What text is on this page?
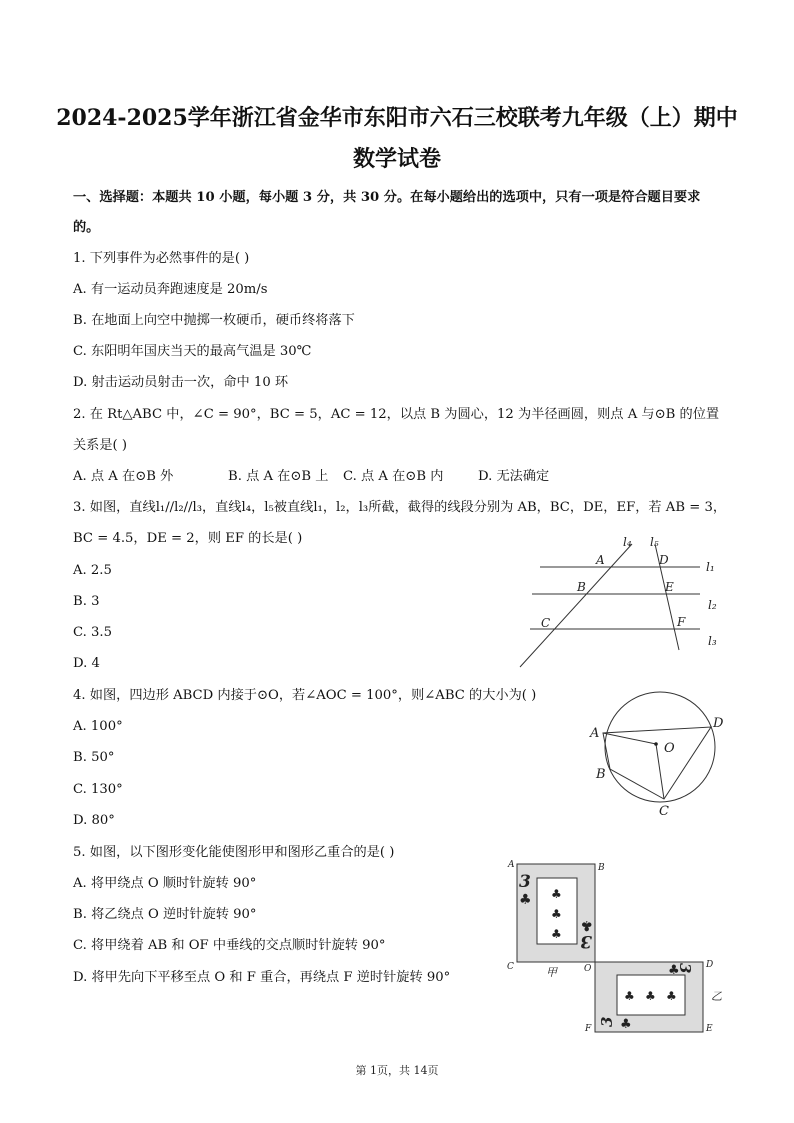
2024-2025学年浙江省金华市东阳市六石三校联考九年级（上）期中
数学试卷
一、选择题：本题共 10 小题，每小题 3 分，共 30 分。在每小题给出的选项中，只有一项是符合题目要求
的。
1. 下列事件为必然事件的是( )
A. 有一运动员奔跑速度是 20m/s
B. 在地面上向空中抛掷一枚硬币，硬币终将落下
C. 东阳明年国庆当天的最高气温是 30℃
D. 射击运动员射击一次，命中 10 环
2. 在 Rt△ABC 中，∠C = 90°，BC = 5，AC = 12，以点 B 为圆心，12 为半径画圆，则点 A 与⊙B 的位置
关系是( )
A. 点 A 在⊙B 外	B. 点 A 在⊙B 上 C. 点 A 在⊙B 内	D. 无法确定
3. 如图，直线l₁//l₂//l₃，直线l₄，l₅被直线l₁，l₂，l₃所截，截得的线段分别为 AB，BC，DE，EF，若 AB = 3，
BC = 4.5，DE = 2，则 EF 的长是( )
A. 2.5
B. 3
C. 3.5
D. 4
l₄ l₅
l₁
l₂
l₃
A
B
C
D
E
F
4. 如图，四边形 ABCD 内接于⊙O，若∠AOC = 100°，则∠ABC 的大小为( )
A. 100°
B. 50°
C. 130°
D. 80°
A
B
C
D
O
5. 如图，以下图形变化能使图形甲和图形乙重合的是( )
A. 将甲绕点 O 顺时针旋转 90°
B. 将乙绕点 O 逆时针旋转 90°
C. 将甲绕着 AB 和 OF 中垂线的交点顺时针旋转 90°
D. 将甲先向下平移至点 O 和 F 重合，再绕点 F 逆时针旋转 90°
3
♣ ♣
♣
♣ 3
♣
♣ ♣ ♣
3
♣
3 ♣
A	B
C	O	D
E
F
甲
乙
第 1页，共 14页
